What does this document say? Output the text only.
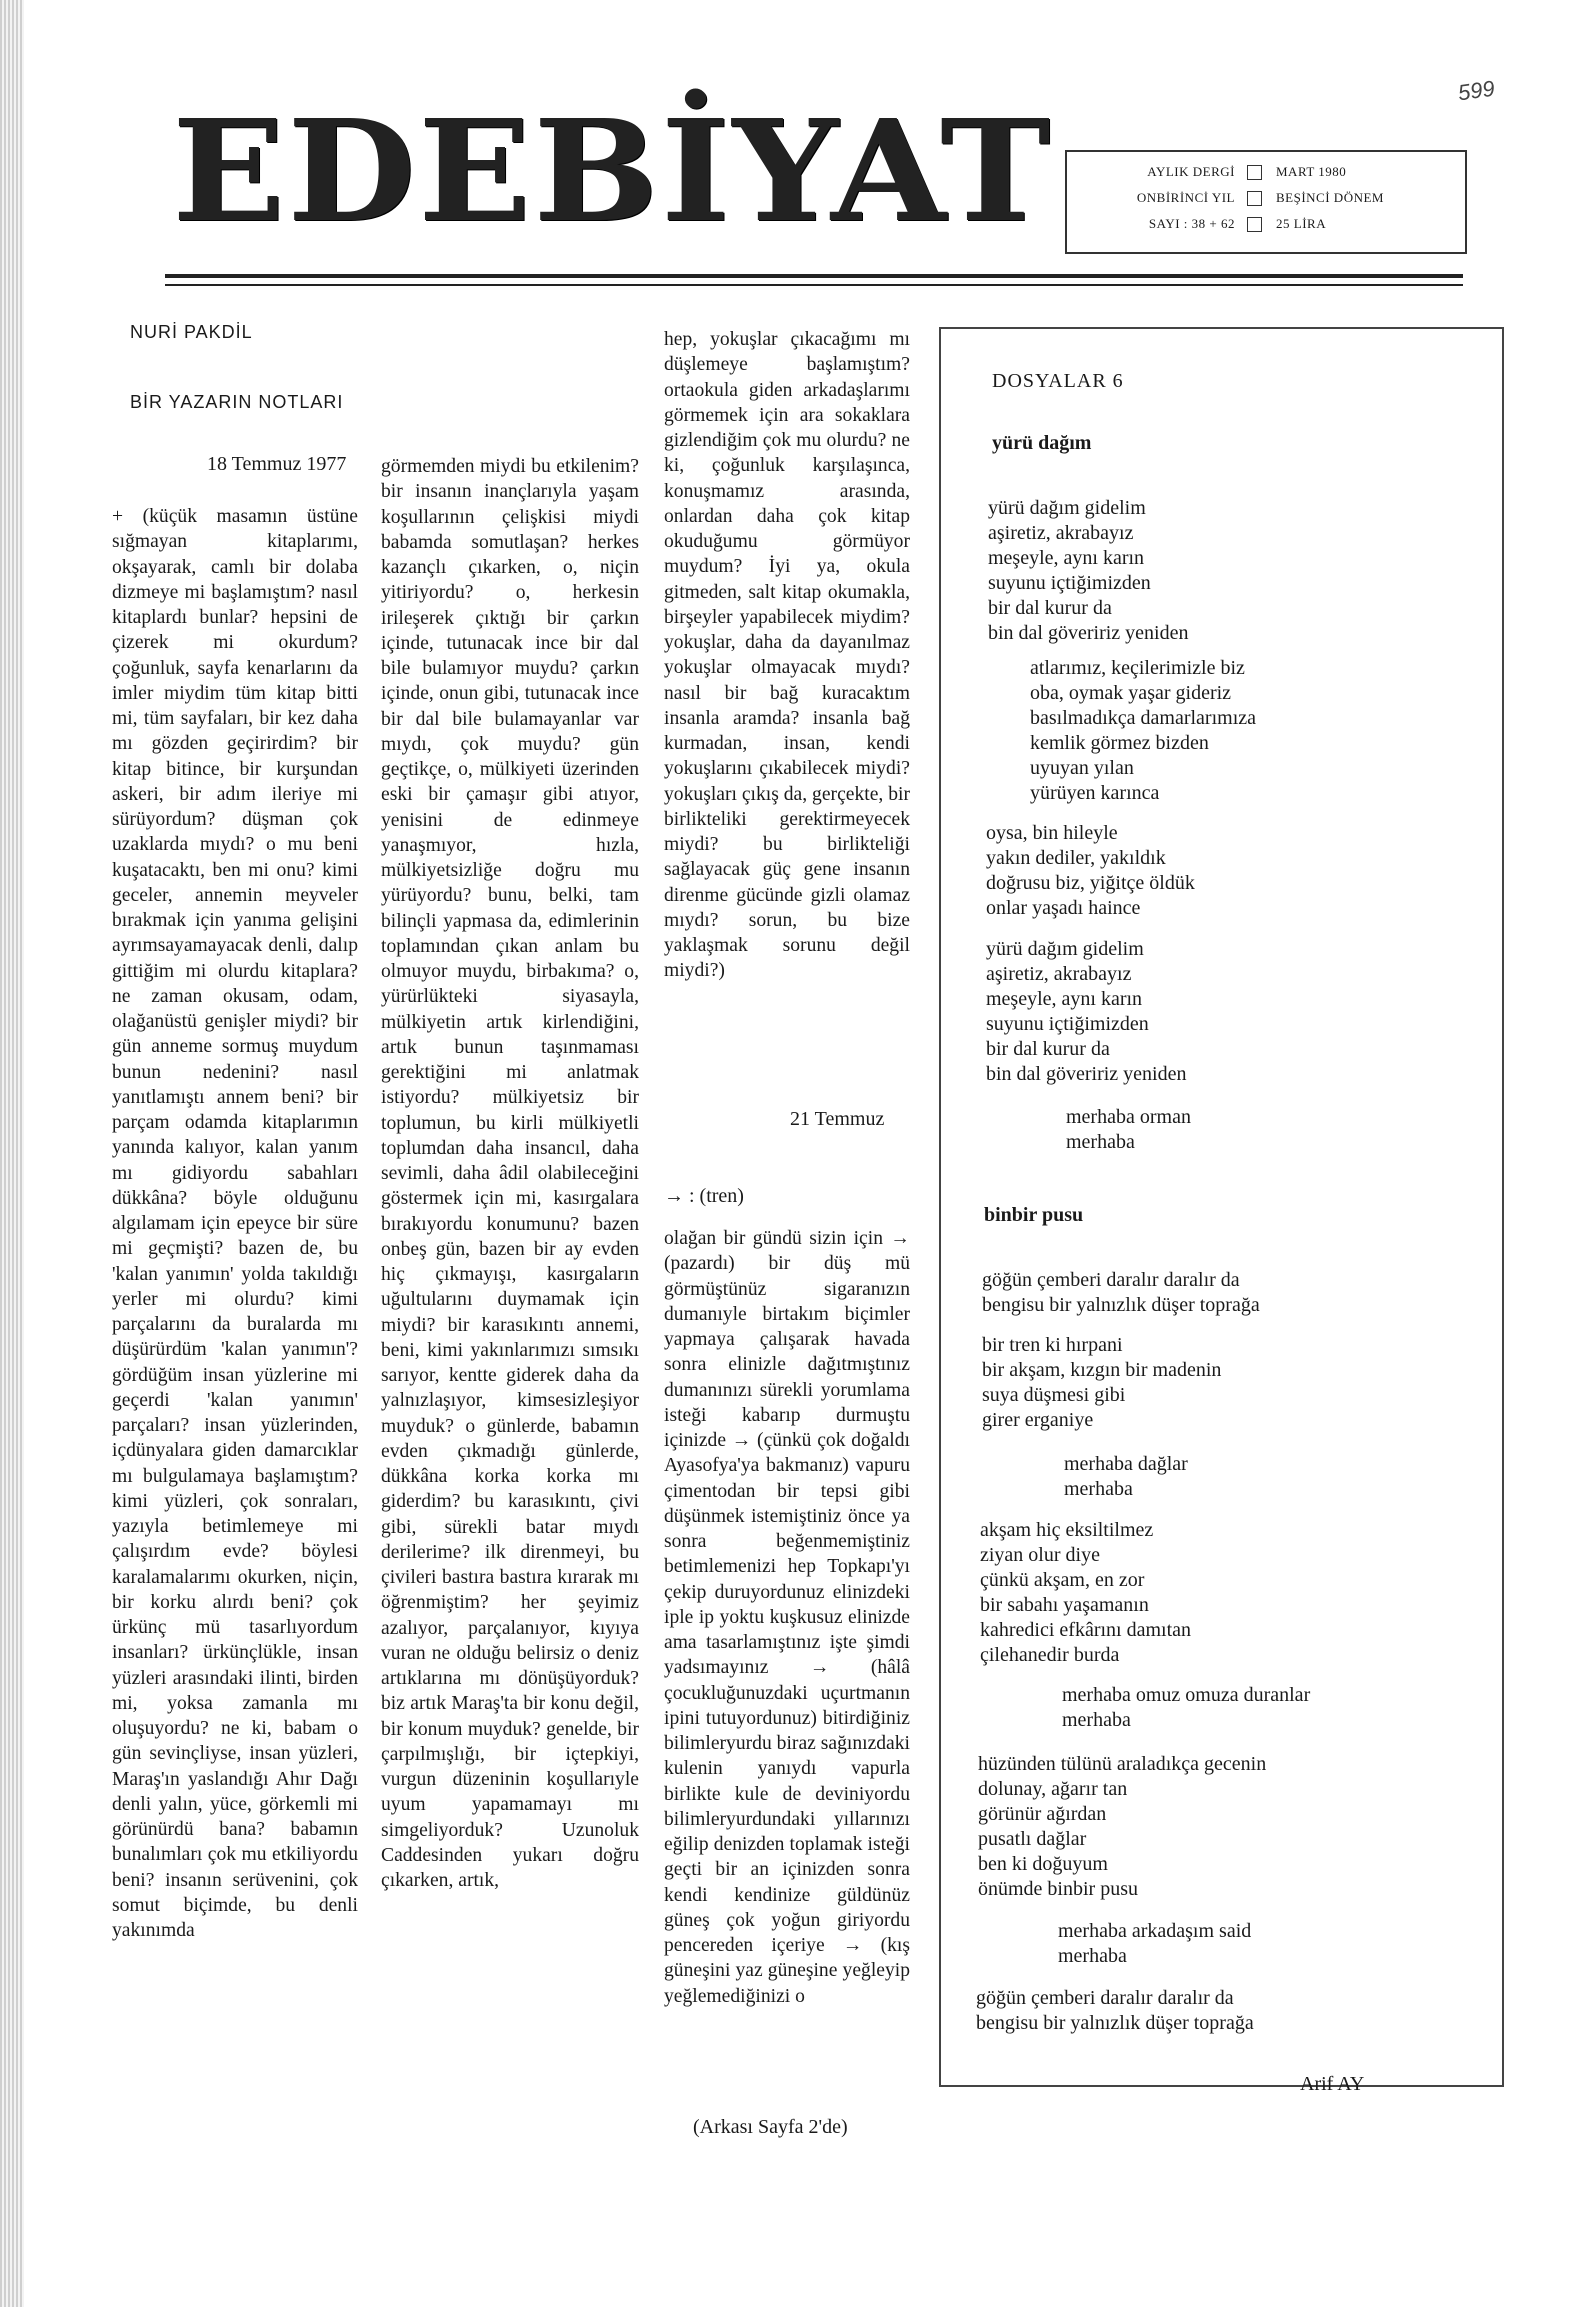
599
EDEBİYAT	AYLIK DERGİ	MART 1980
ONBİRİNCİ YIL	BEŞİNCİ DÖNEM
SAYI : 38 + 62	25 LİRA
NURİ PAKDİL
BİR YAZARIN NOTLARI
18 Temmuz 1977

+ (küçük masamın üstüne sığmayan kitaplarımı, okşayarak, camlı bir dolaba dizmeye mi başlamıştım? nasıl kitaplardı bunlar? hepsini de çizerek mi okurdum? çoğunluk, sayfa kenarlarını da imler miydim tüm kitap bitti mi, tüm sayfaları, bir kez daha mı gözden geçirirdim? bir kitap bitince, bir kurşundan askeri, bir adım ileriye mi sürüyordum? düşman çok uzaklarda mıydı? o mu beni kuşatacaktı, ben mi onu? kimi geceler, annemin meyveler bırakmak için yanıma gelişini ayrımsayamayacak denli, dalıp gittiğim mi olurdu kitaplara? ne zaman okusam, odam, olağanüstü genişler miydi? bir gün anneme sormuş muydum bunun nedenini? nasıl yanıtlamıştı annem beni? bir parçam odamda kitaplarımın yanında kalıyor, kalan yanım mı gidiyordu sabahları dükkâna? böyle olduğunu algılamam için epeyce bir süre mi geçmişti? bazen de, bu 'kalan yanımın' yolda takıldığı yerler mi olurdu? kimi parçalarını da buralarda mı düşürürdüm 'kalan yanımın'? gördüğüm insan yüzlerine mi geçerdi 'kalan yanımın' parçaları? insan yüzlerinden, içdünyalara giden damarcıklar mı bulgulamaya başlamıştım? kimi yüzleri, çok sonraları, yazıyla betimlemeye mi çalışırdım evde? böylesi karalamalarımı okurken, niçin, bir korku alırdı beni? çok ürkünç mü tasarlıyordum insanları? ürkünçlükle, insan yüzleri arasındaki ilinti, birden mi, yoksa zamanla mı oluşuyordu? ne ki, babam o gün sevinçliyse, insan yüzleri, Maraş'ın yaslandığı Ahır Dağı denli yalın, yüce, görkemli mi görünürdü bana? babamın bunalımları çok mu etkiliyordu beni? insanın serüvenini, çok somut biçimde, bu denli yakınımda

görmemden miydi bu etkilenim? bir insanın inançlarıyla yaşam koşullarının çelişkisi miydi babamda somutlaşan? herkes kazançlı çıkarken, o, niçin yitiriyordu? o, herkesin irileşerek çıktığı bir çarkın içinde, tutunacak ince bir dal bile bulamıyor muydu? çarkın içinde, onun gibi, tutunacak ince bir dal bile bulamayanlar var mıydı, çok muydu? gün geçtikçe, o, mülkiyeti üzerinden eski bir çamaşır gibi atıyor, yenisini de edinmeye yanaşmıyor, hızla, mülkiyetsizliğe doğru mu yürüyordu? bunu, belki, tam bilinçli yapmasa da, edimlerinin toplamından çıkan anlam bu olmuyor muydu, birbakıma? o, yürürlükteki siyasayla, mülkiyetin artık kirlendiğini, artık bunun taşınmaması gerektiğini mi anlatmak istiyordu? mülkiyetsiz bir toplumun, bu kirli mülkiyetli toplumdan daha insancıl, daha sevimli, daha âdil olabileceğini göstermek için mi, kasırgalara bırakıyordu konumunu? bazen onbeş gün, bazen bir ay evden hiç çıkmayışı, kasırgaların uğultularını duymamak için miydi? bir karasıkıntı annemi, beni, kimi yakınlarımızı sımsıkı sarıyor, kentte giderek daha da yalnızlaşıyor, kimsesizleşiyor muyduk? o günlerde, babamın evden çıkmadığı günlerde, dükkâna korka korka mı giderdim? bu karasıkıntı, çivi gibi, sürekli batar mıydı derilerime? ilk direnmeyi, bu çivileri bastıra bastıra kırarak mı öğrenmiştim? her şeyimiz azalıyor, parçalanıyor, kıyıya vuran ne olduğu belirsiz o deniz artıklarına mı dönüşüyorduk? biz artık Maraş'ta bir konu değil, bir konum muyduk? genelde, bir çarpılmışlığı, bir içtepkiyi, vurgun düzeninin koşullarıyle uyum yapamamayı mı simgeliyorduk? Uzunoluk Caddesinden yukarı doğru çıkarken, artık,

hep, yokuşlar çıkacağımı mı düşlemeye başlamıştım? ortaokula giden arkadaşlarımı görmemek için ara sokaklara gizlendiğim çok mu olurdu? ne ki, çoğunluk karşılaşınca, konuşmamız arasında, onlardan daha çok kitap okuduğumu görmüyor muydum? İyi ya, okula gitmeden, salt kitap okumakla, birşeyler yapabilecek miydim? yokuşlar, daha da dayanılmaz yokuşlar olmayacak mıydı? nasıl bir bağ kuracaktım insanla aramda? insanla bağ kurmadan, insan, kendi yokuşlarını çıkabilecek miydi? yokuşları çıkış da, gerçekte, bir birlikteliki gerektirmeyecek miydi? bu birlikteliği sağlayacak güç gene insanın direnme gücünde gizli olamaz mıydı? sorun, bu bize yaklaşmak sorunu değil miydi?)

21 Temmuz
→ : (tren)

olağan bir gündü sizin için → (pazardı) bir düş mü görmüştünüz sigaranızın dumanıyle birtakım biçimler yapmaya çalışarak havada sonra elinizle dağıtmıştınız dumanınızı sürekli yorumlama isteği kabarıp durmuştu içinizde → (çünkü çok doğaldı Ayasofya'ya bakmanız) vapuru çimentodan bir tepsi gibi düşünmek istemiştiniz önce ya sonra beğenmemiştiniz betimlemenizi hep Topkapı'yı çekip duruyordunuz elinizdeki iple ip yoktu kuşkusuz elinizde ama tasarlamıştınız işte şimdi yadsımayınız → (hâlâ çocukluğunuzdaki uçurtmanın ipini tutuyordunuz) bitirdiğiniz bilimleryurdu biraz sağınızdaki kulenin yanıydı vapurla birlikte kule de deviniyordu bilimleryurdundaki yıllarınızı eğilip denizden toplamak isteği geçti bir an içinizden sonra kendi kendinize güldünüz güneş çok yoğun giriyordu pencereden içeriye → (kış güneşini yaz güneşine yeğleyip yeğlemediğinizi o

(Arkası Sayfa 2'de)
DOSYALAR 6
yürü dağım
yürü dağım gidelim
aşiretiz, akrabayız
meşeyle, aynı karın
suyunu içtiğimizden
bir dal kurur da
bin dal göveririz yeniden
atlarımız, keçilerimizle biz
oba, oymak yaşar gideriz
basılmadıkça damarlarımıza
kemlik görmez bizden
uyuyan yılan
yürüyen karınca
oysa, bin hileyle
yakın dediler, yakıldık
doğrusu biz, yiğitçe öldük
onlar yaşadı haince
yürü dağım gidelim
aşiretiz, akrabayız
meşeyle, aynı karın
suyunu içtiğimizden
bir dal kurur da
bin dal göveririz yeniden
merhaba orman
merhaba
binbir pusu
göğün çemberi daralır daralır da
bengisu bir yalnızlık düşer toprağa
bir tren ki hırpani
bir akşam, kızgın bir madenin
suya düşmesi gibi
girer erganiye
merhaba dağlar
merhaba
akşam hiç eksiltilmez
ziyan olur diye
çünkü akşam, en zor
bir sabahı yaşamanın
kahredici efkârını damıtan
çilehanedir burda
merhaba omuz omuza duranlar
merhaba
hüzünden tülünü araladıkça gecenin
dolunay, ağarır tan
görünür ağırdan
pusatlı dağlar
ben ki doğuyum
önümde binbir pusu
merhaba arkadaşım said
merhaba
göğün çemberi daralır daralır da
bengisu bir yalnızlık düşer toprağa
Arif AY
